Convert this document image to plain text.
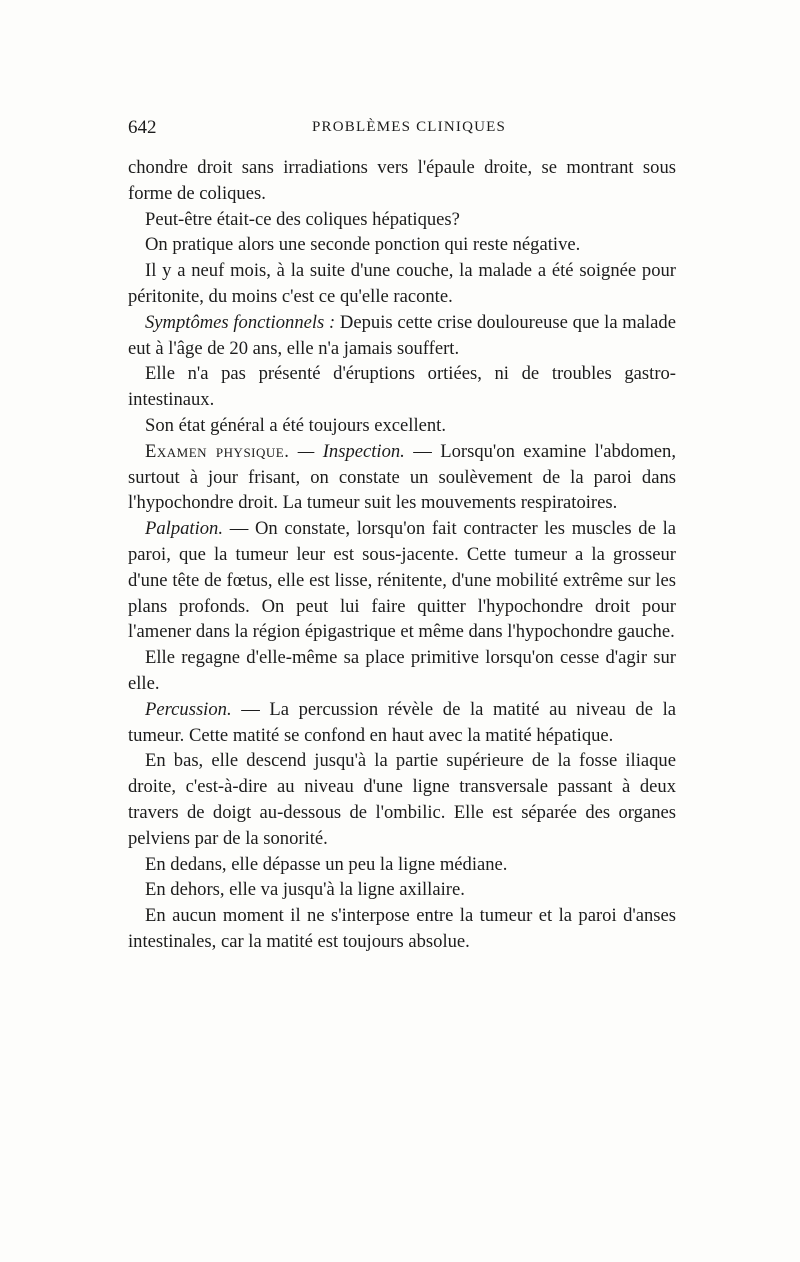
642	PROBLÈMES CLINIQUES

chondre droit sans irradiations vers l'épaule droite, se montrant sous forme de coliques.

Peut-être était-ce des coliques hépatiques?

On pratique alors une seconde ponction qui reste négative.

Il y a neuf mois, à la suite d'une couche, la malade a été soignée pour péritonite, du moins c'est ce qu'elle raconte.

Symptômes fonctionnels : Depuis cette crise douloureuse que la malade eut à l'âge de 20 ans, elle n'a jamais souffert.

Elle n'a pas présenté d'éruptions ortiées, ni de troubles gastro-intestinaux.

Son état général a été toujours excellent.

Examen physique. — Inspection. — Lorsqu'on examine l'abdomen, surtout à jour frisant, on constate un soulèvement de la paroi dans l'hypochondre droit. La tumeur suit les mouvements respiratoires.

Palpation. — On constate, lorsqu'on fait contracter les muscles de la paroi, que la tumeur leur est sous-jacente. Cette tumeur a la grosseur d'une tête de fœtus, elle est lisse, rénitente, d'une mobilité extrême sur les plans profonds. On peut lui faire quitter l'hypochondre droit pour l'amener dans la région épigastrique et même dans l'hypochondre gauche.

Elle regagne d'elle-même sa place primitive lorsqu'on cesse d'agir sur elle.

Percussion. — La percussion révèle de la matité au niveau de la tumeur. Cette matité se confond en haut avec la matité hépatique.

En bas, elle descend jusqu'à la partie supérieure de la fosse iliaque droite, c'est-à-dire au niveau d'une ligne transversale passant à deux travers de doigt au-dessous de l'ombilic. Elle est séparée des organes pelviens par de la sonorité.

En dedans, elle dépasse un peu la ligne médiane.

En dehors, elle va jusqu'à la ligne axillaire.

En aucun moment il ne s'interpose entre la tumeur et la paroi d'anses intestinales, car la matité est toujours absolue.
